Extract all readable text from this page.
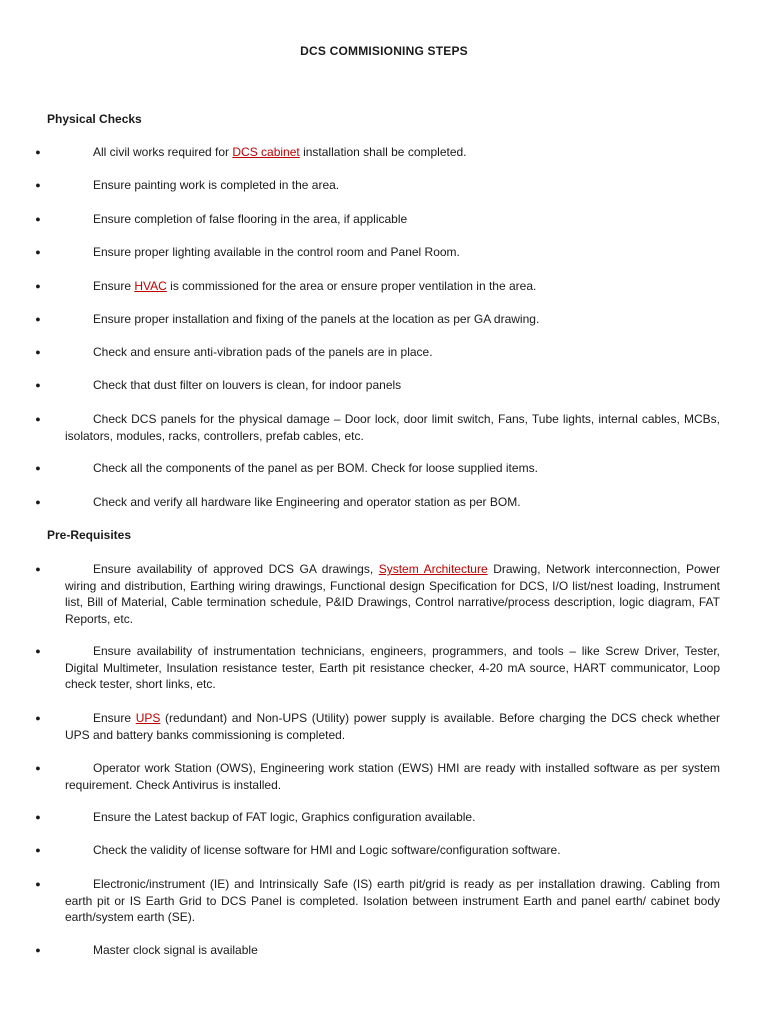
DCS COMMISIONING STEPS
Physical Checks
●	All civil works required for DCS cabinet installation shall be completed.
●	Ensure painting work is completed in the area.
●	Ensure completion of false flooring in the area, if applicable
●	Ensure proper lighting available in the control room and Panel Room.
●	Ensure HVAC is commissioned for the area or ensure proper ventilation in the area.
●	Ensure proper installation and fixing of the panels at the location as per GA drawing.
●	Check and ensure anti-vibration pads of the panels are in place.
●	Check that dust filter on louvers is clean, for indoor panels
●	Check DCS panels for the physical damage – Door lock, door limit switch, Fans, Tube lights, internal cables, MCBs, isolators, modules, racks, controllers, prefab cables, etc.
●	Check all the components of the panel as per BOM. Check for loose supplied items.
●	Check and verify all hardware like Engineering and operator station as per BOM.
Pre-Requisites
●	Ensure availability of approved DCS GA drawings, System Architecture Drawing, Network interconnection, Power wiring and distribution, Earthing wiring drawings, Functional design Specification for DCS, I/O list/nest loading, Instrument list, Bill of Material, Cable termination schedule, P&ID Drawings, Control narrative/process description, logic diagram, FAT Reports, etc.
●	Ensure availability of instrumentation technicians, engineers, programmers, and tools – like Screw Driver, Tester, Digital Multimeter, Insulation resistance tester, Earth pit resistance checker, 4-20 mA source, HART communicator, Loop check tester, short links, etc.
●	Ensure UPS (redundant) and Non-UPS (Utility) power supply is available. Before charging the DCS check whether UPS and battery banks commissioning is completed.
●	Operator work Station (OWS), Engineering work station (EWS) HMI are ready with installed software as per system requirement. Check Antivirus is installed.
●	Ensure the Latest backup of FAT logic, Graphics configuration available.
●	Check the validity of license software for HMI and Logic software/configuration software.
●	Electronic/instrument (IE) and Intrinsically Safe (IS) earth pit/grid is ready as per installation drawing. Cabling from earth pit or IS Earth Grid to DCS Panel is completed. Isolation between instrument Earth and panel earth/ cabinet body earth/system earth (SE).
●	Master clock signal is available
